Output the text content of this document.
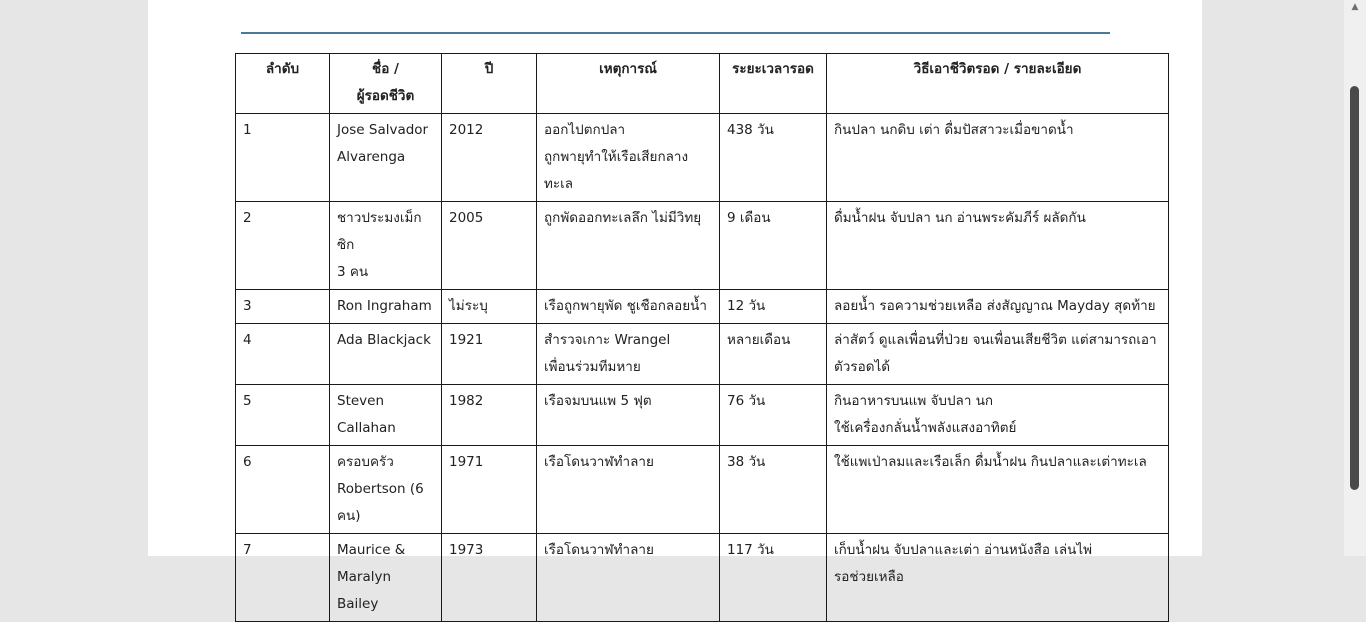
ลำดับ	ชื่อ /
ผู้รอดชีวิต	ปี	เหตุการณ์	ระยะเวลารอด	วิธีเอาชีวิตรอด / รายละเอียด

1	Jose Salvador
Alvarenga	2012	ออกไปตกปลา
ถูกพายุทำให้เรือเสียกลางทะเล	438 วัน	กินปลา นกดิบ เต่า ดื่มปัสสาวะเมื่อขาดน้ำ

2	ชาวประมงเม็กซิก
3 คน	2005	ถูกพัดออกทะเลลึก ไม่มีวิทยุ	9 เดือน	ดื่มน้ำฝน จับปลา นก อ่านพระคัมภีร์ ผลัดกัน

3	Ron Ingraham	ไม่ระบุ	เรือถูกพายุพัด ชูเชือกลอยน้ำ	12 วัน	ลอยน้ำ รอความช่วยเหลือ ส่งสัญญาณ Mayday สุดท้าย

4	Ada Blackjack	1921	สำรวจเกาะ Wrangel
เพื่อนร่วมทีมหาย	หลายเดือน	ล่าสัตว์ ดูแลเพื่อนที่ป่วย จนเพื่อนเสียชีวิต แต่สามารถเอา
ตัวรอดได้

5	Steven
Callahan	1982	เรือจมบนแพ 5 ฟุต	76 วัน	กินอาหารบนแพ จับปลา นก
ใช้เครื่องกลั่นน้ำพลังแสงอาทิตย์

6	ครอบครัว
Robertson (6
คน)	1971	เรือโดนวาฬทำลาย	38 วัน	ใช้แพเป่าลมและเรือเล็ก ดื่มน้ำฝน กินปลาและเต่าทะเล

7	Maurice &
Maralyn Bailey	1973	เรือโดนวาฬทำลาย	117 วัน	เก็บน้ำฝน จับปลาและเต่า อ่านหนังสือ เล่นไพ่
รอช่วยเหลือ
▲
